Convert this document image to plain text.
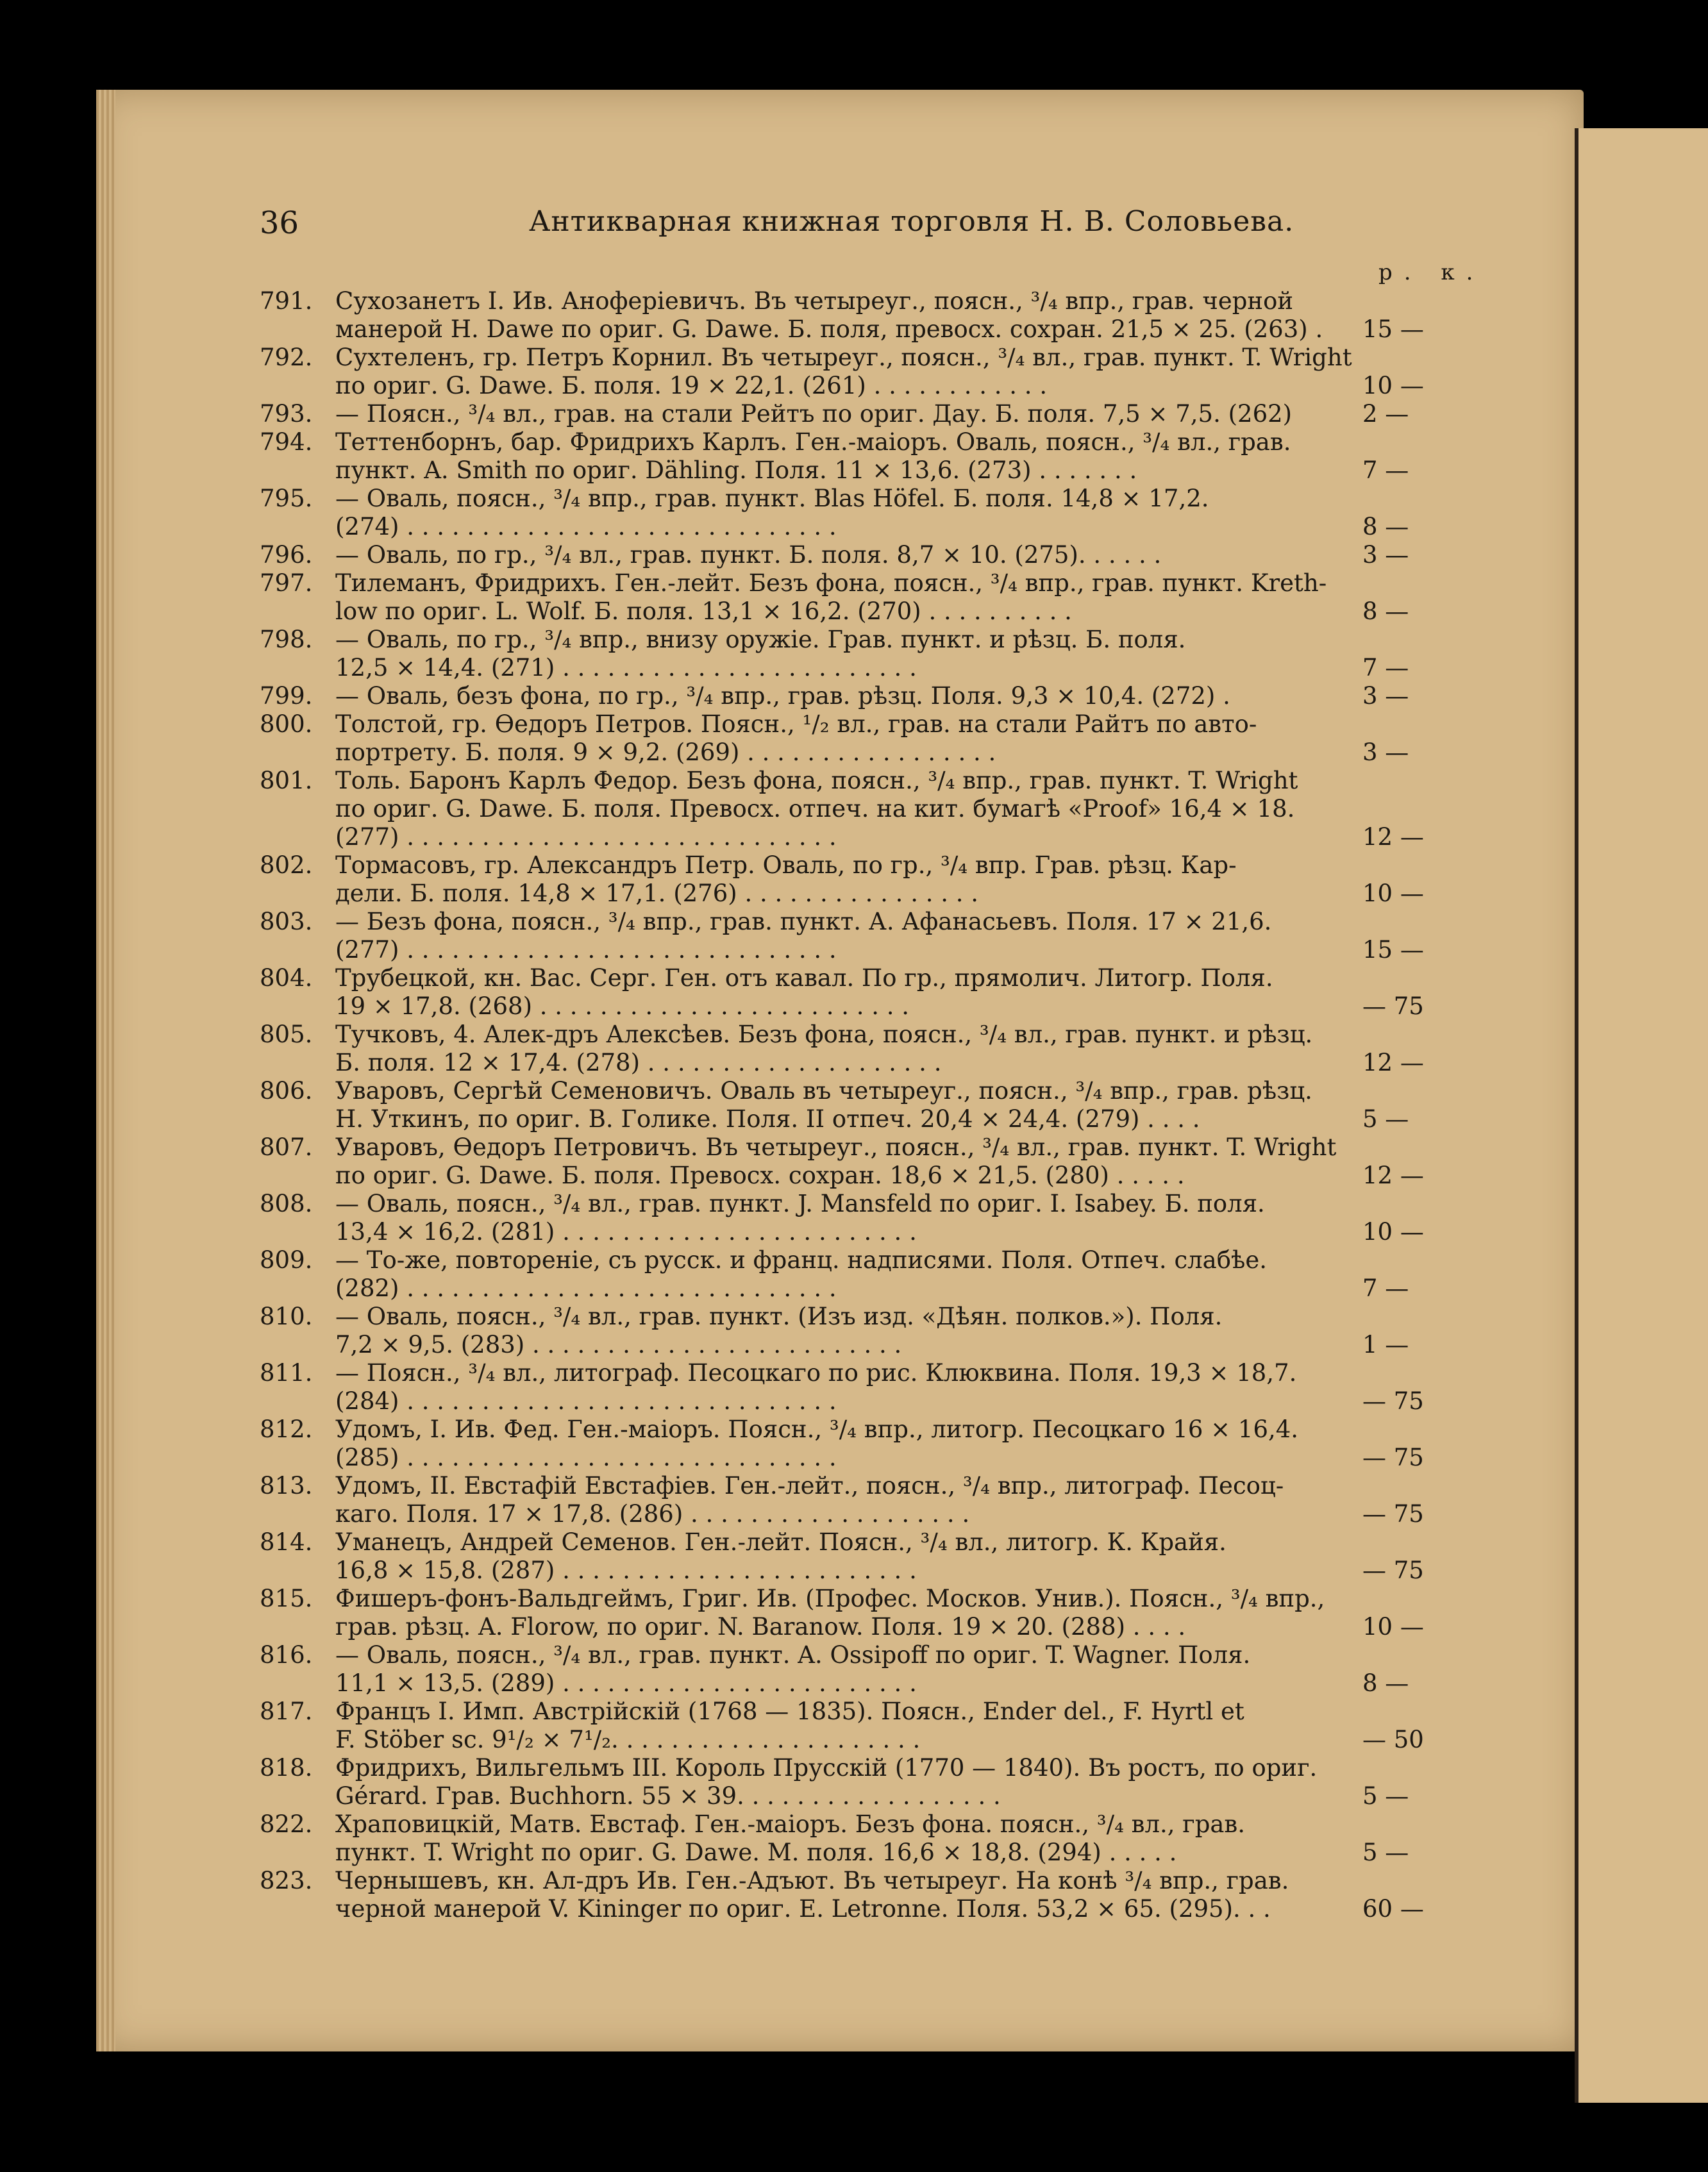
36	Антикварная книжная торговля Н. В. Соловьева.
р. к.
791. Сухозанетъ І. Ив. Аноферіевичъ. Въ четыреуг., поясн., ³/₄ впр., грав. черной
манерой H. Dawe по ориг. G. Dawe. Б. поля, превосх. сохран. 21,5 × 25. (263) .	15 —
792. Сухтеленъ, гр. Петръ Корнил. Въ четыреуг., поясн., ³/₄ вл., грав. пункт. T. Wright
по ориг. G. Dawe. Б. поля. 19 × 22,1. (261) . . . . . . . . . . . .	10 —
793. — Поясн., ³/₄ вл., грав. на стали Рейтъ по ориг. Дау. Б. поля. 7,5 × 7,5. (262)	2 —
794. Теттенборнъ, бар. Фридрихъ Карлъ. Ген.-маіоръ. Оваль, поясн., ³/₄ вл., грав.
пункт. A. Smith по ориг. Dähling. Поля. 11 × 13,6. (273) . . . . . . .	7 —
795. — Оваль, поясн., ³/₄ впр., грав. пункт. Blas Höfel. Б. поля. 14,8 × 17,2.
(274) . . . . . . . . . . . . . . . . . . . . . . . . . . . . .	8 —
796. — Оваль, по гр., ³/₄ вл., грав. пункт. Б. поля. 8,7 × 10. (275). . . . . .	3 —
797. Тилеманъ, Фридрихъ. Ген.-лейт. Безъ фона, поясн., ³/₄ впр., грав. пункт. Kreth-
low по ориг. L. Wolf. Б. поля. 13,1 × 16,2. (270) . . . . . . . . . .	8 —
798. — Оваль, по гр., ³/₄ впр., внизу оружіе. Грав. пункт. и рѣзц. Б. поля.
12,5 × 14,4. (271) . . . . . . . . . . . . . . . . . . . . . . . .	7 —
799. — Оваль, безъ фона, по гр., ³/₄ впр., грав. рѣзц. Поля. 9,3 × 10,4. (272) .	3 —
800. Толстой, гр. Ѳедоръ Петров. Поясн., ¹/₂ вл., грав. на стали Райтъ по авто-
портрету. Б. поля. 9 × 9,2. (269) . . . . . . . . . . . . . . . . .	3 —
801. Толь. Баронъ Карлъ Федор. Безъ фона, поясн., ³/₄ впр., грав. пункт. T. Wright
по ориг. G. Dawe. Б. поля. Превосх. отпеч. на кит. бумагѣ «Proof» 16,4 × 18.
(277) . . . . . . . . . . . . . . . . . . . . . . . . . . . . .	12 —
802. Тормасовъ, гр. Александръ Петр. Оваль, по гр., ³/₄ впр. Грав. рѣзц. Кар-
дели. Б. поля. 14,8 × 17,1. (276) . . . . . . . . . . . . . . . .	10 —
803. — Безъ фона, поясн., ³/₄ впр., грав. пункт. А. Афанасьевъ. Поля. 17 × 21,6.
(277) . . . . . . . . . . . . . . . . . . . . . . . . . . . . .	15 —
804. Трубецкой, кн. Вас. Серг. Ген. отъ кавал. По гр., прямолич. Литогр. Поля.
19 × 17,8. (268) . . . . . . . . . . . . . . . . . . . . . . . . .	— 75
805. Тучковъ, 4. Алек-дръ Алексѣев. Безъ фона, поясн., ³/₄ вл., грав. пункт. и рѣзц.
Б. поля. 12 × 17,4. (278) . . . . . . . . . . . . . . . . . . . .	12 —
806. Уваровъ, Сергѣй Семеновичъ. Оваль въ четыреуг., поясн., ³/₄ впр., грав. рѣзц.
Н. Уткинъ, по ориг. В. Голике. Поля. II отпеч. 20,4 × 24,4. (279) . . . .	5 —
807. Уваровъ, Ѳедоръ Петровичъ. Въ четыреуг., поясн., ³/₄ вл., грав. пункт. T. Wright
по ориг. G. Dawe. Б. поля. Превосх. сохран. 18,6 × 21,5. (280) . . . . .	12 —
808. — Оваль, поясн., ³/₄ вл., грав. пункт. J. Mansfeld по ориг. I. Isabey. Б. поля.
13,4 × 16,2. (281) . . . . . . . . . . . . . . . . . . . . . . . .	10 —
809. — То-же, повтореніе, съ русск. и франц. надписями. Поля. Отпеч. слабѣе.
(282) . . . . . . . . . . . . . . . . . . . . . . . . . . . . .	7 —
810. — Оваль, поясн., ³/₄ вл., грав. пункт. (Изъ изд. «Дѣян. полков.»). Поля.
7,2 × 9,5. (283) . . . . . . . . . . . . . . . . . . . . . . . . .	1 —
811. — Поясн., ³/₄ вл., литограф. Песоцкаго по рис. Клюквина. Поля. 19,3 × 18,7.
(284) . . . . . . . . . . . . . . . . . . . . . . . . . . . . .	— 75
812. Удомъ, І. Ив. Фед. Ген.-маіоръ. Поясн., ³/₄ впр., литогр. Песоцкаго 16 × 16,4.
(285) . . . . . . . . . . . . . . . . . . . . . . . . . . . . .	— 75
813. Удомъ, II. Евстафій Евстафіев. Ген.-лейт., поясн., ³/₄ впр., литограф. Песоц-
каго. Поля. 17 × 17,8. (286) . . . . . . . . . . . . . . . . . . .	— 75
814. Уманецъ, Андрей Семенов. Ген.-лейт. Поясн., ³/₄ вл., литогр. К. Крайя.
16,8 × 15,8. (287) . . . . . . . . . . . . . . . . . . . . . . . .	— 75
815. Фишеръ-фонъ-Вальдгеймъ, Григ. Ив. (Профес. Москов. Унив.). Поясн., ³/₄ впр.,
грав. рѣзц. A. Florow, по ориг. N. Baranow. Поля. 19 × 20. (288) . . . .	10 —
816. — Оваль, поясн., ³/₄ вл., грав. пункт. A. Ossipoff по ориг. T. Wagner. Поля.
11,1 × 13,5. (289) . . . . . . . . . . . . . . . . . . . . . . . .	8 —
817. Францъ І. Имп. Австрійскій (1768 — 1835). Поясн., Ender del., F. Hyrtl et
F. Stöber sc. 9¹/₂ × 7¹/₂. . . . . . . . . . . . . . . . . . . . .	— 50
818. Фридрихъ, Вильгельмъ III. Король Прусскій (1770 — 1840). Въ ростъ, по ориг.
Gérard. Грав. Buchhorn. 55 × 39. . . . . . . . . . . . . . . . . .	5 —
822. Храповицкій, Матв. Евстаф. Ген.-маіоръ. Безъ фона. поясн., ³/₄ вл., грав.
пункт. T. Wright по ориг. G. Dawe. М. поля. 16,6 × 18,8. (294) . . . . .	5 —
823. Чернышевъ, кн. Ал-дръ Ив. Ген.-Адъют. Въ четыреуг. На конѣ ³/₄ впр., грав.
черной манерой V. Kininger по ориг. E. Letronne. Поля. 53,2 × 65. (295). . .	60 —
